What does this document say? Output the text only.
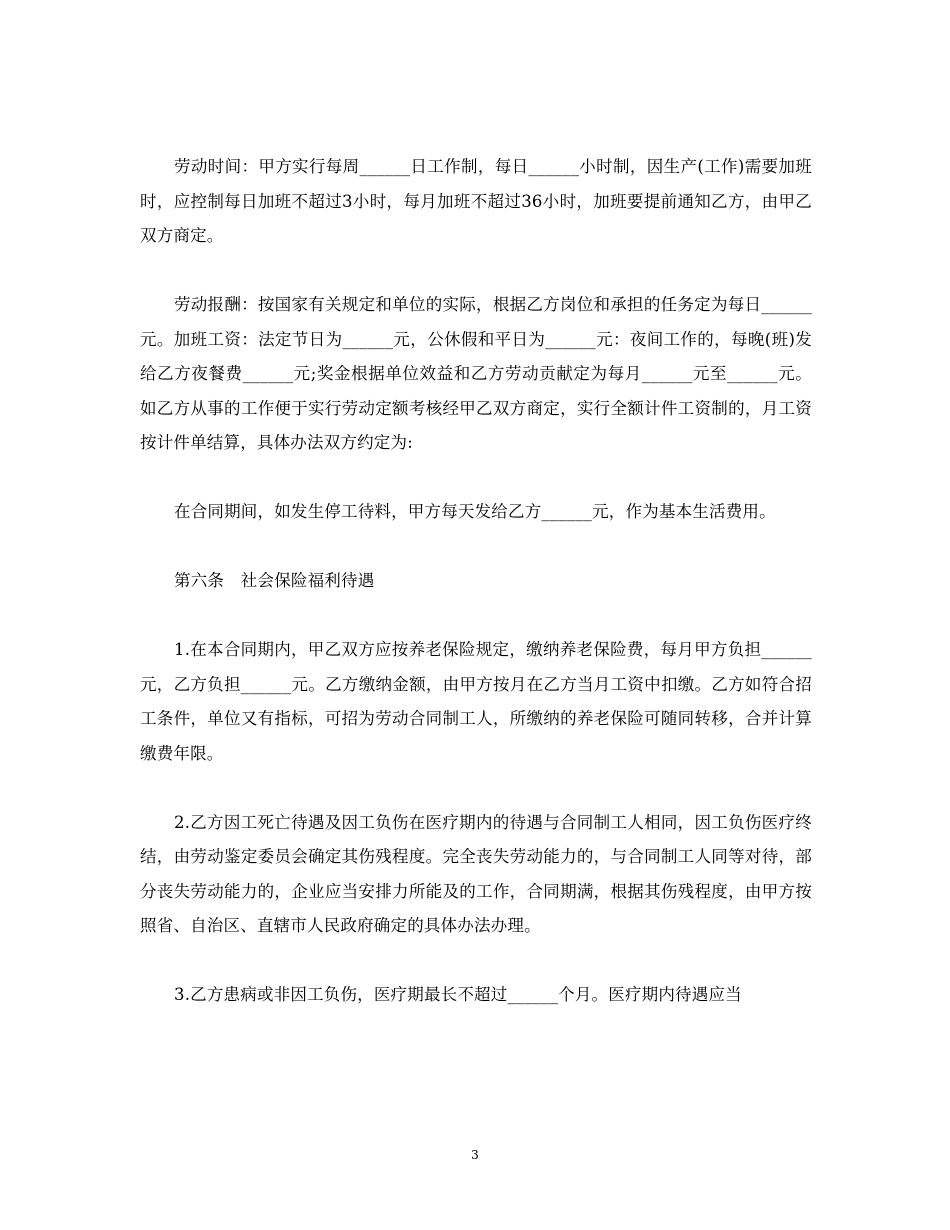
劳动时间：甲方实行每周______日工作制，每日______小时制，因生产(工作)需要加班时，应控制每日加班不超过3小时，每月加班不超过36小时，加班要提前通知乙方，由甲乙双方商定。

劳动报酬：按国家有关规定和单位的实际，根据乙方岗位和承担的任务定为每日______元。加班工资：法定节日为______元，公休假和平日为______元：夜间工作的，每晚(班)发给乙方夜餐费______元;奖金根据单位效益和乙方劳动贡献定为每月______元至______元。如乙方从事的工作便于实行劳动定额考核经甲乙双方商定，实行全额计件工资制的，月工资按计件单结算，具体办法双方约定为:

在合同期间，如发生停工待料，甲方每天发给乙方______元，作为基本生活费用。

第六条　社会保险福利待遇

1.在本合同期内，甲乙双方应按养老保险规定，缴纳养老保险费，每月甲方负担______元，乙方负担______元。乙方缴纳金额，由甲方按月在乙方当月工资中扣缴。乙方如符合招工条件，单位又有指标，可招为劳动合同制工人，所缴纳的养老保险可随同转移，合并计算缴费年限。

2.乙方因工死亡待遇及因工负伤在医疗期内的待遇与合同制工人相同，因工负伤医疗终结，由劳动鉴定委员会确定其伤残程度。完全丧失劳动能力的，与合同制工人同等对待，部分丧失劳动能力的，企业应当安排力所能及的工作，合同期满，根据其伤残程度，由甲方按照省、自治区、直辖市人民政府确定的具体办法办理。

3.乙方患病或非因工负伤，医疗期最长不超过______个月。医疗期内待遇应当

3
